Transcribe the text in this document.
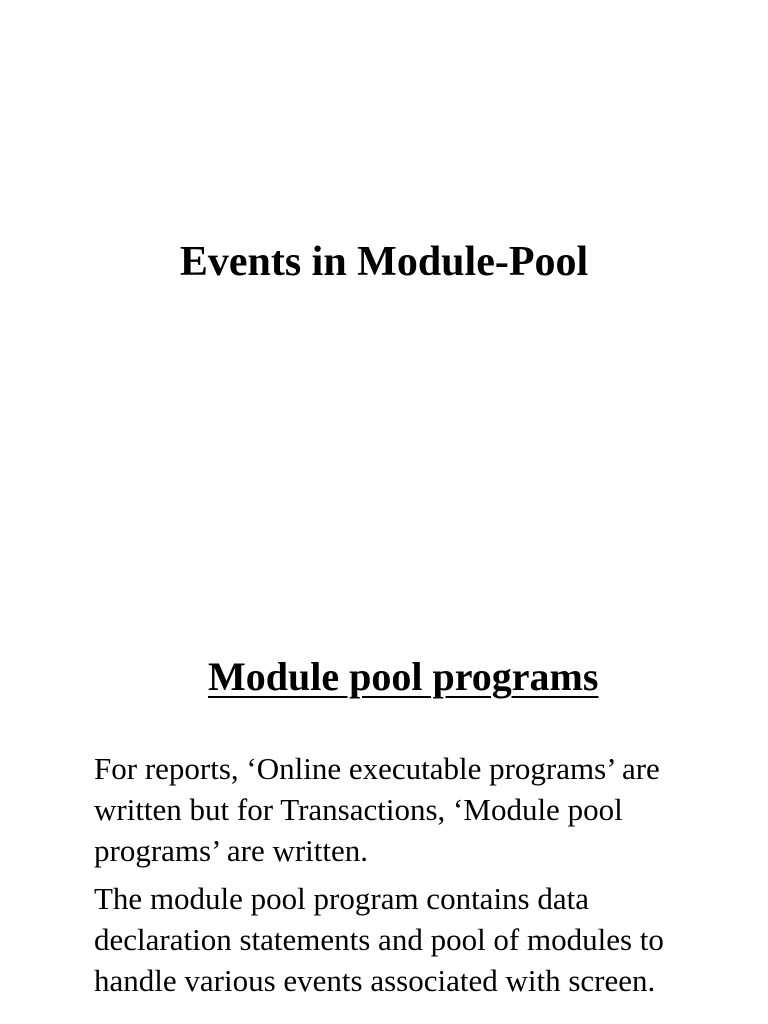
Events in Module-Pool
Module pool programs

For reports, ‘Online executable programs’ are written but for Transactions, ‘Module pool programs’ are written.

The module pool program contains data declaration statements and pool of modules to handle various events associated with screen.
